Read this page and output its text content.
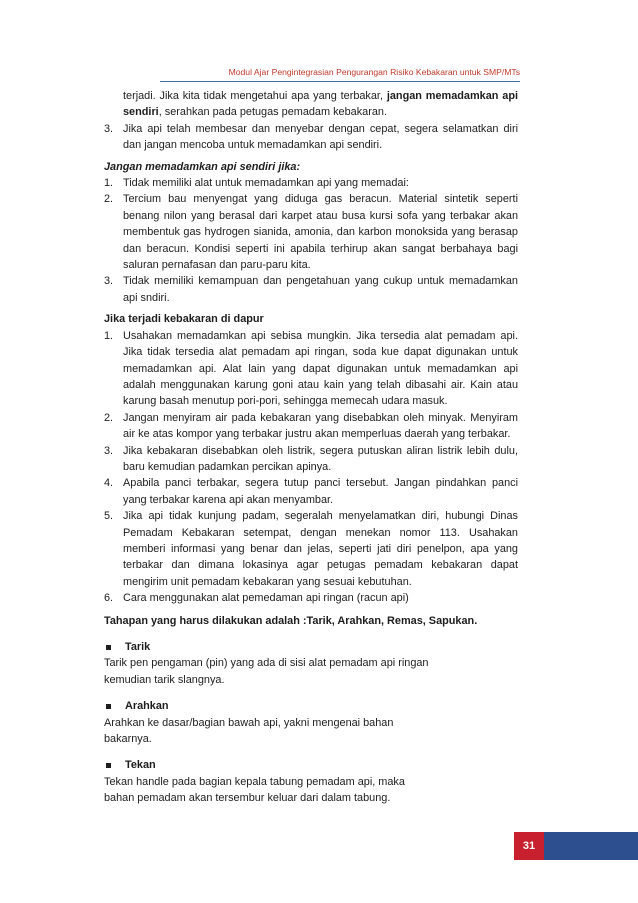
Modul Ajar Pengintegrasian Pengurangan Risiko Kebakaran untuk SMP/MTs

terjadi. Jika kita tidak mengetahui apa yang terbakar, jangan memadamkan api sendiri, serahkan pada petugas pemadam kebakaran.

3. Jika api telah membesar dan menyebar dengan cepat, segera selamatkan diri dan jangan mencoba untuk memadamkan api sendiri.

Jangan memadamkan api sendiri jika:

1. Tidak memiliki alat untuk memadamkan api yang memadai:
2. Tercium bau menyengat yang diduga gas beracun. Material sintetik seperti benang nilon yang berasal dari karpet atau busa kursi sofa yang terbakar akan membentuk gas hydrogen sianida, amonia, dan karbon monoksida yang berasap dan beracun. Kondisi seperti ini apabila terhirup akan sangat berbahaya bagi saluran pernafasan dan paru-paru kita.
3. Tidak memiliki kemampuan dan pengetahuan yang cukup untuk memadamkan api sndiri.

Jika terjadi kebakaran di dapur

1. Usahakan memadamkan api sebisa mungkin. Jika tersedia alat pemadam api. Jika tidak tersedia alat pemadam api ringan, soda kue dapat digunakan untuk memadamkan api. Alat lain yang dapat digunakan untuk memadamkan api adalah menggunakan karung goni atau kain yang telah dibasahi air. Kain atau karung basah menutup pori-pori, sehingga memecah udara masuk.
2. Jangan menyiram air pada kebakaran yang disebabkan oleh minyak. Menyiram air ke atas kompor yang terbakar justru akan memperluas daerah yang terbakar.
3. Jika kebakaran disebabkan oleh listrik, segera putuskan aliran listrik lebih dulu, baru kemudian padamkan percikan apinya.
4. Apabila panci terbakar, segera tutup panci tersebut. Jangan pindahkan panci yang terbakar karena api akan menyambar.
5. Jika api tidak kunjung padam, segeralah menyelamatkan diri, hubungi Dinas Pemadam Kebakaran setempat, dengan menekan nomor 113. Usahakan memberi informasi yang benar dan jelas, seperti jati diri penelpon, apa yang terbakar dan dimana lokasinya agar petugas pemadam kebakaran dapat mengirim unit pemadam kebakaran yang sesuai kebutuhan.
6. Cara menggunakan alat pemedaman api ringan (racun api)

Tahapan yang harus dilakukan adalah :Tarik, Arahkan, Remas, Sapukan.

Tarik

Tarik pen pengaman (pin) yang ada di sisi alat pemadam api ringan

kemudian tarik slangnya.

Arahkan

Arahkan ke dasar/bagian bawah api, yakni mengenai bahan

bakarnya.

Tekan

Tekan handle pada bagian kepala tabung pemadam api, maka

bahan pemadam akan tersembur keluar dari dalam tabung.

31
